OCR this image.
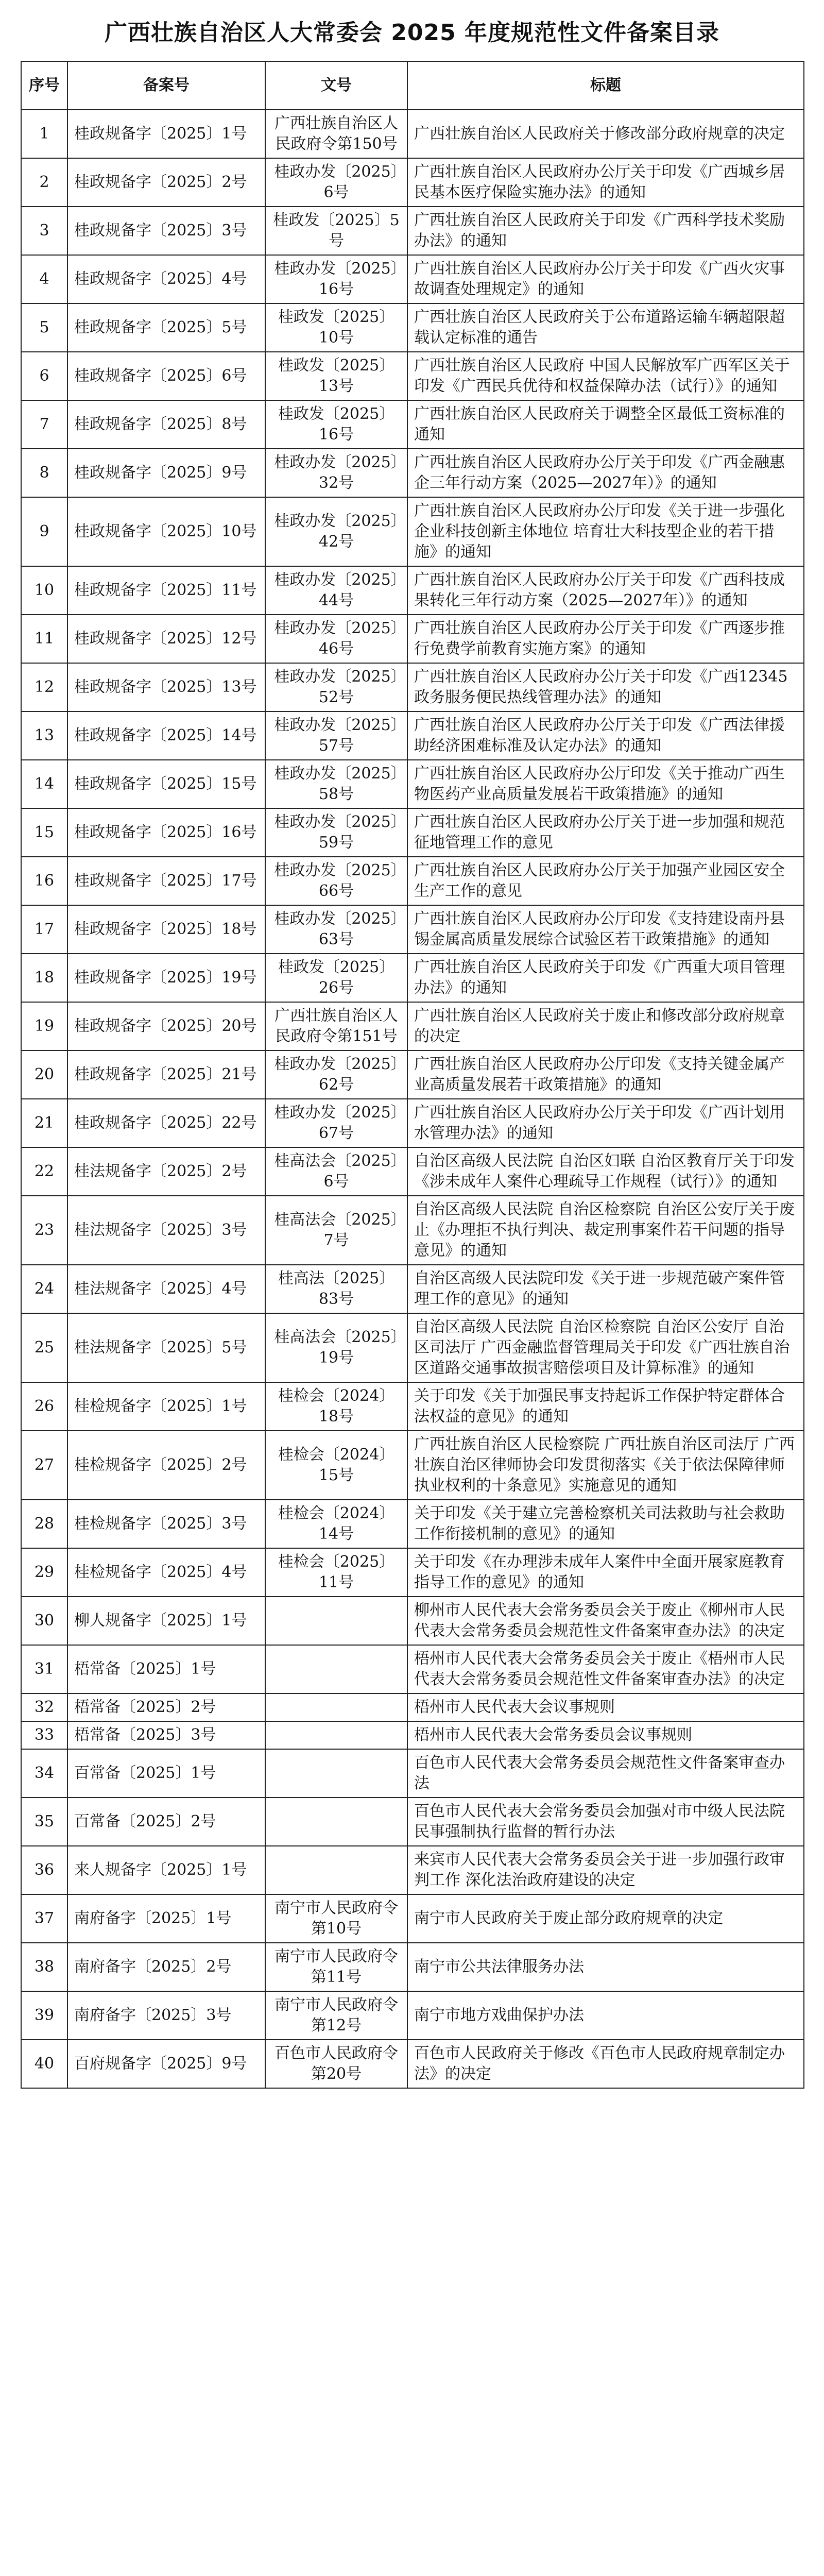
广西壮族自治区人大常委会 2025 年度规范性文件备案目录
序号	备案号	文号	标题
1	桂政规备字〔2025〕1号	广西壮族自治区人民政府令第150号	广西壮族自治区人民政府关于修改部分政府规章的决定
2	桂政规备字〔2025〕2号	桂政办发〔2025〕6号	广西壮族自治区人民政府办公厅关于印发《广西城乡居民基本医疗保险实施办法》的通知
3	桂政规备字〔2025〕3号	桂政发〔2025〕5号	广西壮族自治区人民政府关于印发《广西科学技术奖励办法》的通知
4	桂政规备字〔2025〕4号	桂政办发〔2025〕16号	广西壮族自治区人民政府办公厅关于印发《广西火灾事故调查处理规定》的通知
5	桂政规备字〔2025〕5号	桂政发〔2025〕10号	广西壮族自治区人民政府关于公布道路运输车辆超限超载认定标准的通告
6	桂政规备字〔2025〕6号	桂政发〔2025〕13号	广西壮族自治区人民政府 中国人民解放军广西军区关于印发《广西民兵优待和权益保障办法（试行）》的通知
7	桂政规备字〔2025〕8号	桂政发〔2025〕16号	广西壮族自治区人民政府关于调整全区最低工资标准的通知
8	桂政规备字〔2025〕9号	桂政办发〔2025〕32号	广西壮族自治区人民政府办公厅关于印发《广西金融惠企三年行动方案（2025—2027年）》的通知
9	桂政规备字〔2025〕10号	桂政办发〔2025〕42号	广西壮族自治区人民政府办公厅印发《关于进一步强化企业科技创新主体地位 培育壮大科技型企业的若干措施》的通知
10	桂政规备字〔2025〕11号	桂政办发〔2025〕44号	广西壮族自治区人民政府办公厅关于印发《广西科技成果转化三年行动方案（2025—2027年）》的通知
11	桂政规备字〔2025〕12号	桂政办发〔2025〕46号	广西壮族自治区人民政府办公厅关于印发《广西逐步推行免费学前教育实施方案》的通知
12	桂政规备字〔2025〕13号	桂政办发〔2025〕52号	广西壮族自治区人民政府办公厅关于印发《广西12345政务服务便民热线管理办法》的通知
13	桂政规备字〔2025〕14号	桂政办发〔2025〕57号	广西壮族自治区人民政府办公厅关于印发《广西法律援助经济困难标准及认定办法》的通知
14	桂政规备字〔2025〕15号	桂政办发〔2025〕58号	广西壮族自治区人民政府办公厅印发《关于推动广西生物医药产业高质量发展若干政策措施》的通知
15	桂政规备字〔2025〕16号	桂政办发〔2025〕59号	广西壮族自治区人民政府办公厅关于进一步加强和规范征地管理工作的意见
16	桂政规备字〔2025〕17号	桂政办发〔2025〕66号	广西壮族自治区人民政府办公厅关于加强产业园区安全生产工作的意见
17	桂政规备字〔2025〕18号	桂政办发〔2025〕63号	广西壮族自治区人民政府办公厅印发《支持建设南丹县锡金属高质量发展综合试验区若干政策措施》的通知
18	桂政规备字〔2025〕19号	桂政发〔2025〕26号	广西壮族自治区人民政府关于印发《广西重大项目管理办法》的通知
19	桂政规备字〔2025〕20号	广西壮族自治区人民政府令第151号	广西壮族自治区人民政府关于废止和修改部分政府规章的决定
20	桂政规备字〔2025〕21号	桂政办发〔2025〕62号	广西壮族自治区人民政府办公厅印发《支持关键金属产业高质量发展若干政策措施》的通知
21	桂政规备字〔2025〕22号	桂政办发〔2025〕67号	广西壮族自治区人民政府办公厅关于印发《广西计划用水管理办法》的通知
22	桂法规备字〔2025〕2号	桂高法会〔2025〕6号	自治区高级人民法院 自治区妇联 自治区教育厅关于印发《涉未成年人案件心理疏导工作规程（试行）》的通知
23	桂法规备字〔2025〕3号	桂高法会〔2025〕7号	自治区高级人民法院 自治区检察院 自治区公安厅关于废止《办理拒不执行判决、裁定刑事案件若干问题的指导意见》的通知
24	桂法规备字〔2025〕4号	桂高法〔2025〕83号	自治区高级人民法院印发《关于进一步规范破产案件管理工作的意见》的通知
25	桂法规备字〔2025〕5号	桂高法会〔2025〕19号	自治区高级人民法院 自治区检察院 自治区公安厅 自治区司法厅 广西金融监督管理局关于印发《广西壮族自治区道路交通事故损害赔偿项目及计算标准》的通知
26	桂检规备字〔2025〕1号	桂检会〔2024〕18号	关于印发《关于加强民事支持起诉工作保护特定群体合法权益的意见》的通知
27	桂检规备字〔2025〕2号	桂检会〔2024〕15号	广西壮族自治区人民检察院 广西壮族自治区司法厅 广西壮族自治区律师协会印发贯彻落实《关于依法保障律师执业权利的十条意见》实施意见的通知
28	桂检规备字〔2025〕3号	桂检会〔2024〕14号	关于印发《关于建立完善检察机关司法救助与社会救助工作衔接机制的意见》的通知
29	桂检规备字〔2025〕4号	桂检会〔2025〕11号	关于印发《在办理涉未成年人案件中全面开展家庭教育指导工作的意见》的通知
30	柳人规备字〔2025〕1号		柳州市人民代表大会常务委员会关于废止《柳州市人民代表大会常务委员会规范性文件备案审查办法》的决定
31	梧常备〔2025〕1号		梧州市人民代表大会常务委员会关于废止《梧州市人民代表大会常务委员会规范性文件备案审查办法》的决定
32	梧常备〔2025〕2号		梧州市人民代表大会议事规则
33	梧常备〔2025〕3号		梧州市人民代表大会常务委员会议事规则
34	百常备〔2025〕1号		百色市人民代表大会常务委员会规范性文件备案审查办法
35	百常备〔2025〕2号		百色市人民代表大会常务委员会加强对市中级人民法院民事强制执行监督的暂行办法
36	来人规备字〔2025〕1号		来宾市人民代表大会常务委员会关于进一步加强行政审判工作 深化法治政府建设的决定
37	南府备字〔2025〕1号	南宁市人民政府令第10号	南宁市人民政府关于废止部分政府规章的决定
38	南府备字〔2025〕2号	南宁市人民政府令第11号	南宁市公共法律服务办法
39	南府备字〔2025〕3号	南宁市人民政府令第12号	南宁市地方戏曲保护办法
40	百府规备字〔2025〕9号	百色市人民政府令第20号	百色市人民政府关于修改《百色市人民政府规章制定办法》的决定
